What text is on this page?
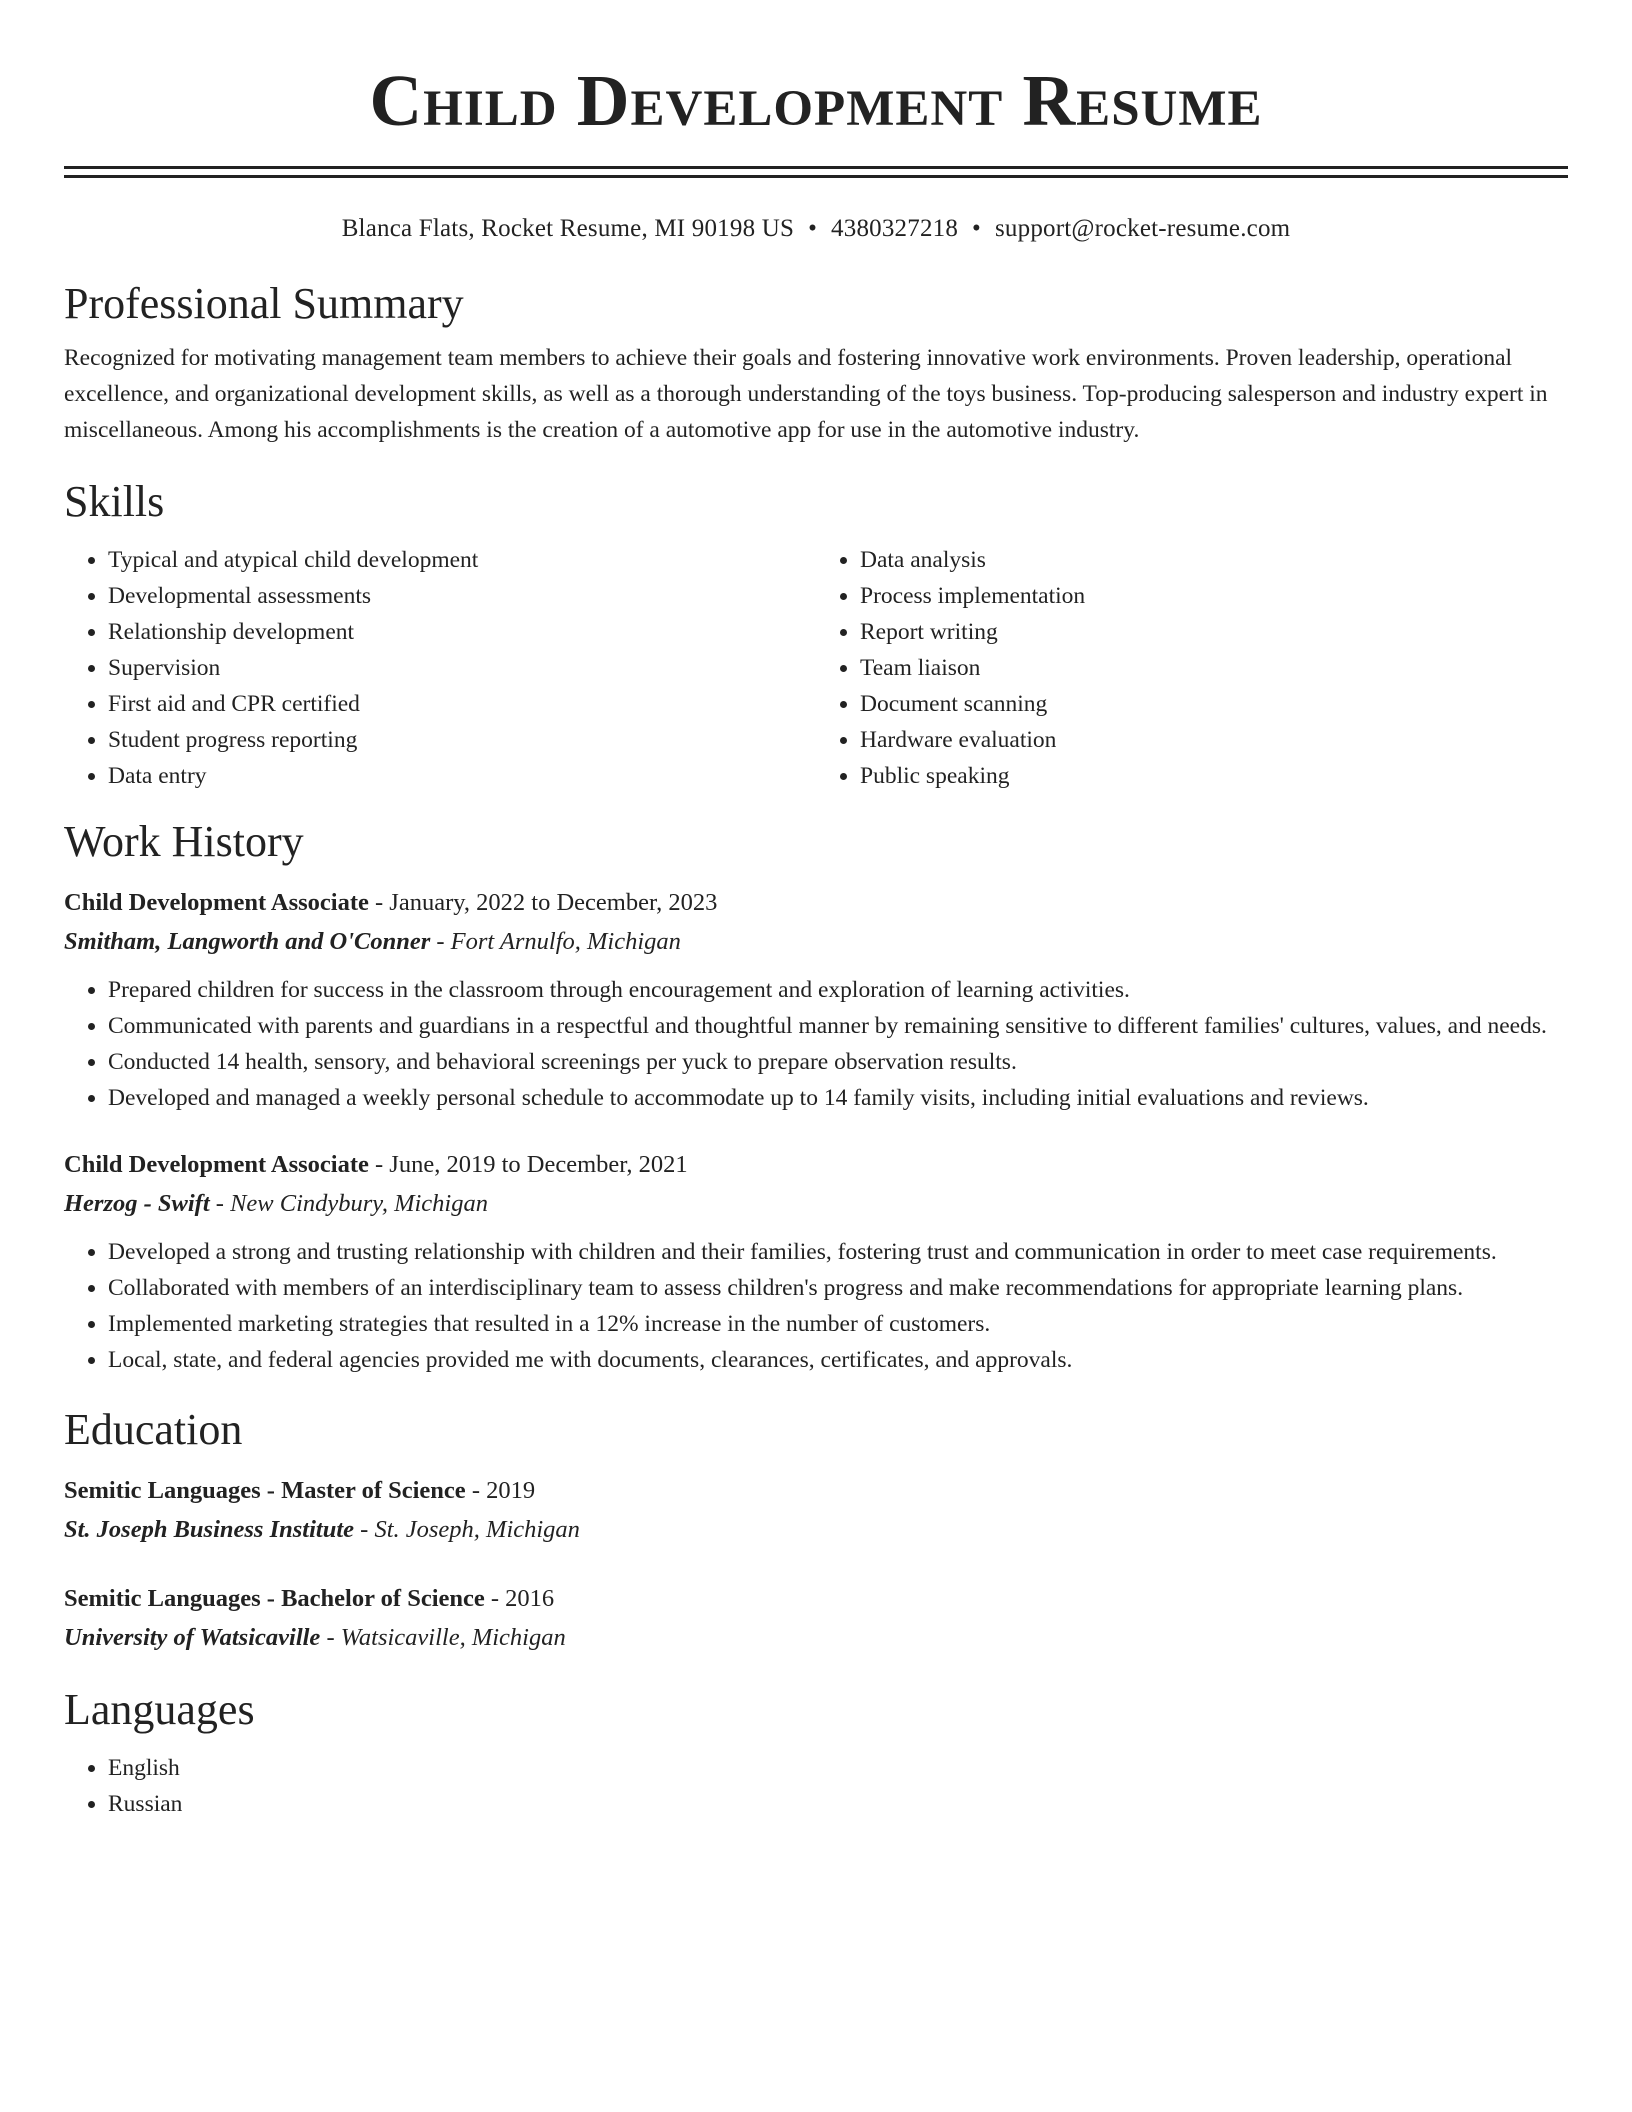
Child Development Resume
Blanca Flats, Rocket Resume, MI 90198 US • 4380327218 • support@rocket-resume.com
Professional Summary
Recognized for motivating management team members to achieve their goals and fostering innovative work environments. Proven leadership, operational excellence, and organizational development skills, as well as a thorough understanding of the toys business. Top-producing salesperson and industry expert in miscellaneous. Among his accomplishments is the creation of a automotive app for use in the automotive industry.
Skills
• Typical and atypical child development
• Developmental assessments
• Relationship development
• Supervision
• First aid and CPR certified
• Student progress reporting
• Data entry
• Data analysis
• Process implementation
• Report writing
• Team liaison
• Document scanning
• Hardware evaluation
• Public speaking
Work History
Child Development Associate - January, 2022 to December, 2023
Smitham, Langworth and O'Conner - Fort Arnulfo, Michigan
• Prepared children for success in the classroom through encouragement and exploration of learning activities.
• Communicated with parents and guardians in a respectful and thoughtful manner by remaining sensitive to different families' cultures, values, and needs.
• Conducted 14 health, sensory, and behavioral screenings per yuck to prepare observation results.
• Developed and managed a weekly personal schedule to accommodate up to 14 family visits, including initial evaluations and reviews.
Child Development Associate - June, 2019 to December, 2021
Herzog - Swift - New Cindybury, Michigan
• Developed a strong and trusting relationship with children and their families, fostering trust and communication in order to meet case requirements.
• Collaborated with members of an interdisciplinary team to assess children's progress and make recommendations for appropriate learning plans.
• Implemented marketing strategies that resulted in a 12% increase in the number of customers.
• Local, state, and federal agencies provided me with documents, clearances, certificates, and approvals.
Education
Semitic Languages - Master of Science - 2019
St. Joseph Business Institute - St. Joseph, Michigan
Semitic Languages - Bachelor of Science - 2016
University of Watsicaville - Watsicaville, Michigan
Languages
• English
• Russian
